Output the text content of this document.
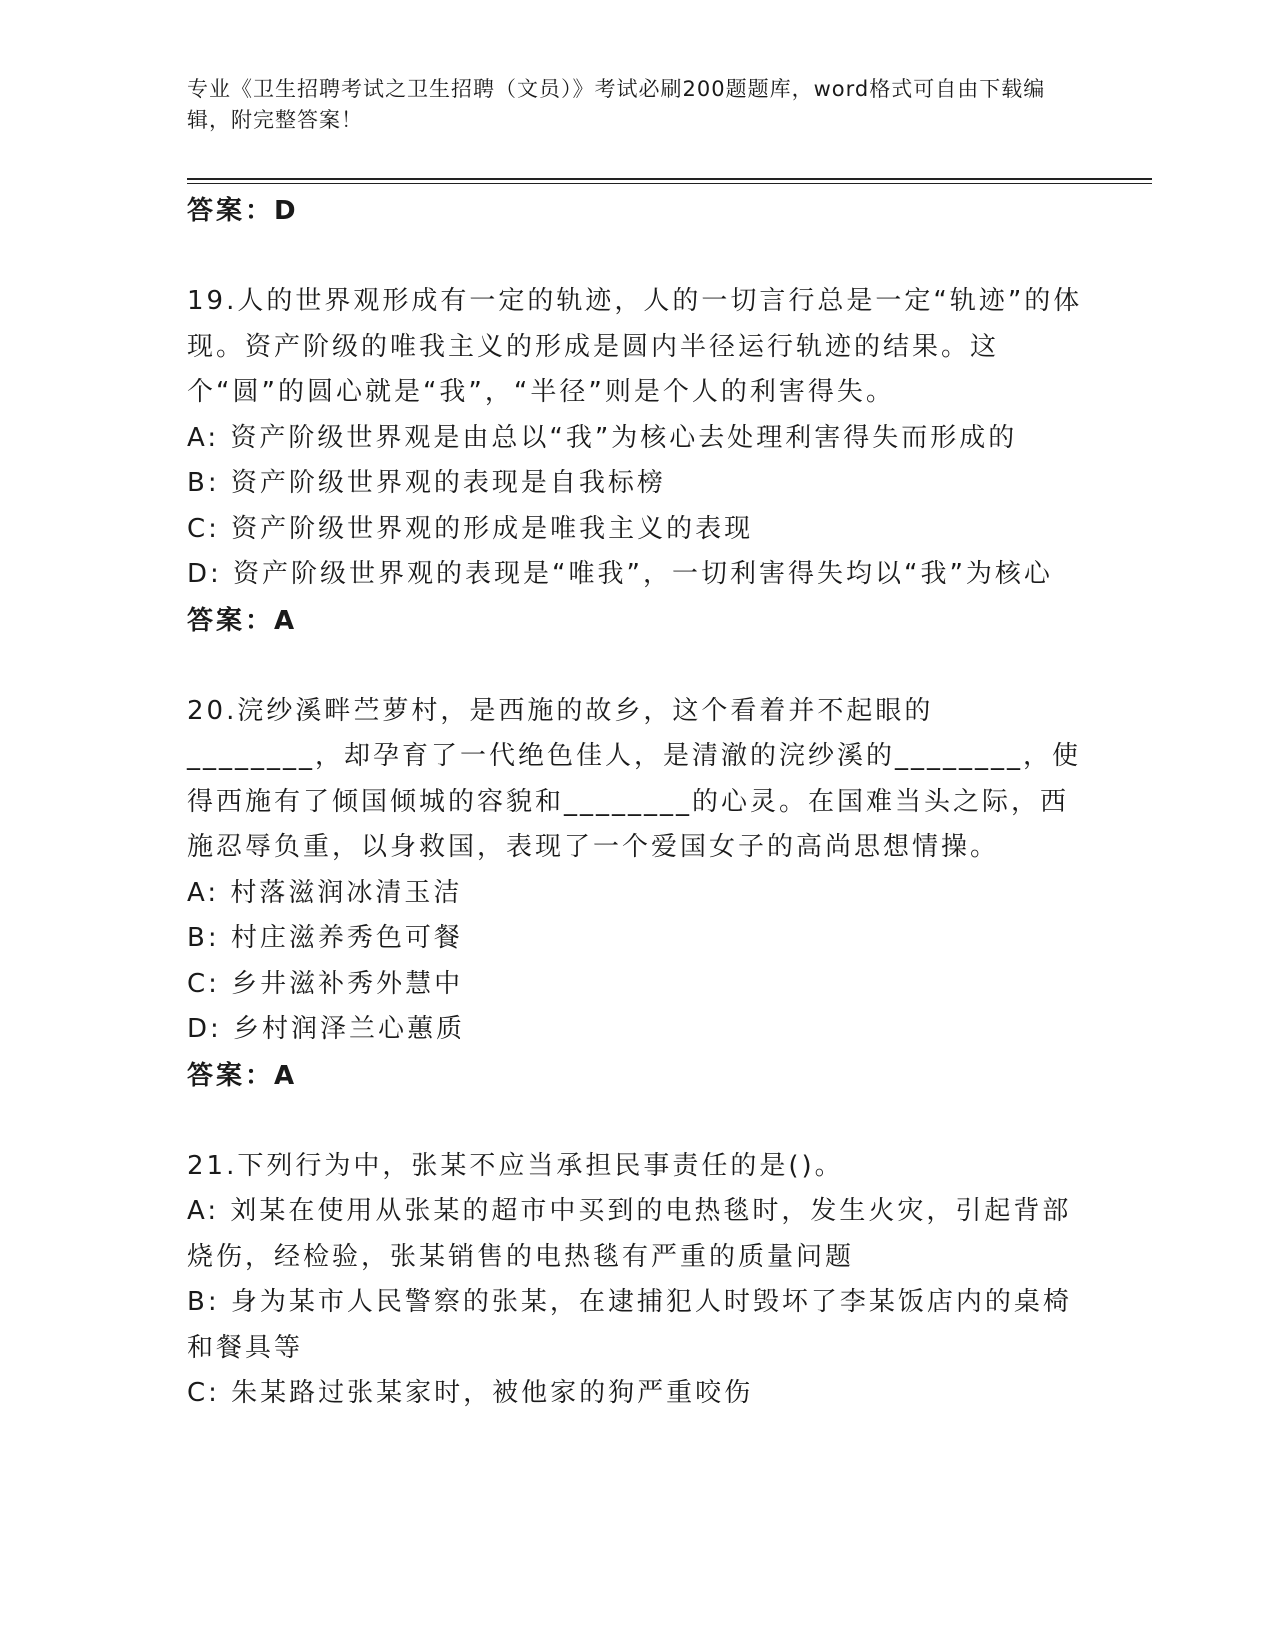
专业《卫生招聘考试之卫生招聘（文员）》考试必刷200题题库，word格式可自由下载编辑，附完整答案！

答案：D

19.人的世界观形成有一定的轨迹，人的一切言行总是一定“轨迹”的体现。资产阶级的唯我主义的形成是圆内半径运行轨迹的结果。这个“圆”的圆心就是“我”，“半径”则是个人的利害得失。

A: 资产阶级世界观是由总以“我”为核心去处理利害得失而形成的

B: 资产阶级世界观的表现是自我标榜

C: 资产阶级世界观的形成是唯我主义的表现

D: 资产阶级世界观的表现是“唯我”，一切利害得失均以“我”为核心

答案：A

20.浣纱溪畔苎萝村，是西施的故乡，这个看着并不起眼的________，却孕育了一代绝色佳人，是清澈的浣纱溪的________，使得西施有了倾国倾城的容貌和________的心灵。在国难当头之际，西施忍辱负重，以身救国，表现了一个爱国女子的高尚思想情操。

A: 村落滋润冰清玉洁

B: 村庄滋养秀色可餐

C: 乡井滋补秀外慧中

D: 乡村润泽兰心蕙质

答案：A

21.下列行为中，张某不应当承担民事责任的是()。

A: 刘某在使用从张某的超市中买到的电热毯时，发生火灾，引起背部烧伤，经检验，张某销售的电热毯有严重的质量问题

B: 身为某市人民警察的张某，在逮捕犯人时毁坏了李某饭店内的桌椅和餐具等

C: 朱某路过张某家时，被他家的狗严重咬伤
